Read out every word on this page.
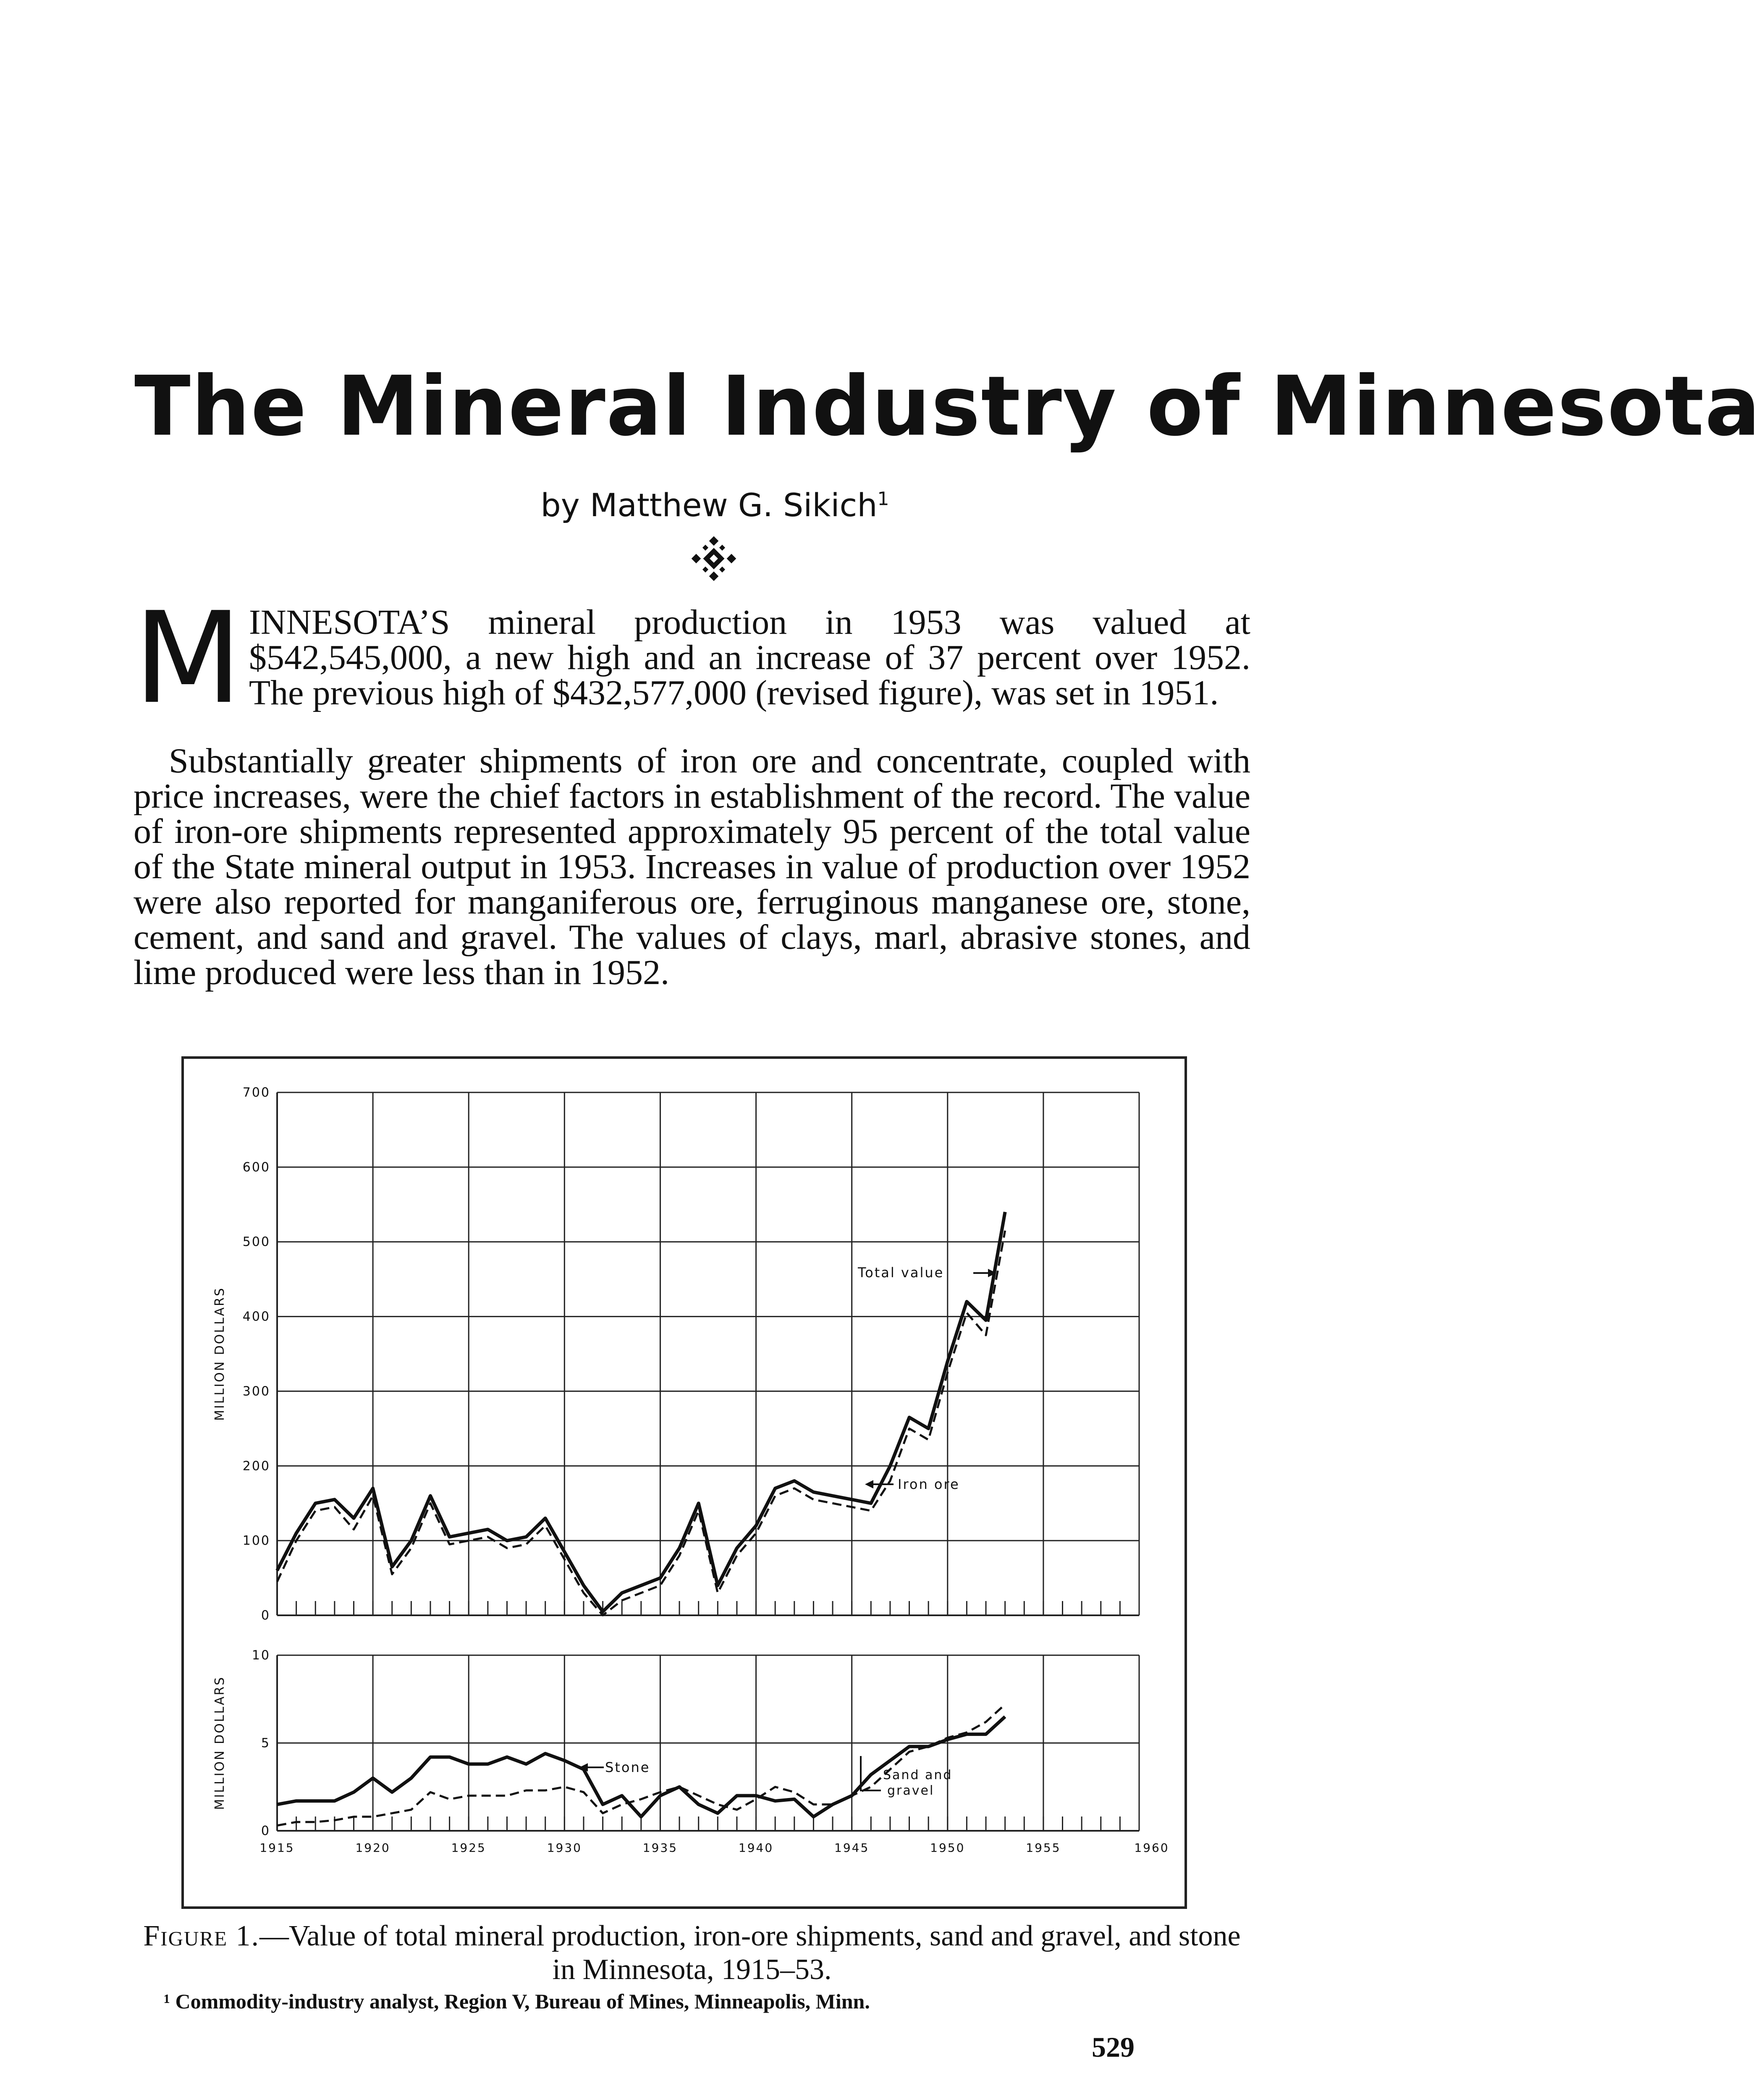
The Mineral Industry of Minnesota
by Matthew G. Sikich$^1$
MINNESOTA’S mineral production in 1953 was valued at $542,545,000, a new high and an increase of 37 percent over 1952. The previous high of $432,577,000 (revised figure), was set in 1951.
Substantially greater shipments of iron ore and concentrate, coupled with price increases, were the chief factors in establishment of the record. The value of iron-ore shipments represented approximately 95 percent of the total value of the State mineral output in 1953. Increases in value of production over 1952 were also reported for manganiferous ore, ferruginous manganese ore, stone, cement, and sand and gravel. The values of clays, marl, abrasive stones, and lime produced were less than in 1952.
0
100
200
300
400
500
600
700
MILLION DOLLARS
0
5
10
MILLION DOLLARS
1915	1920	1925	1930	1935	1940	1945	1950	1955	1960
Total value
Iron ore
Stone	Sand and
gravel
Figure 1.—Value of total mineral production, iron-ore shipments, sand and gravel, and stone in Minnesota, 1915–53.
¹ Commodity-industry analyst, Region V, Bureau of Mines, Minneapolis, Minn.
529
